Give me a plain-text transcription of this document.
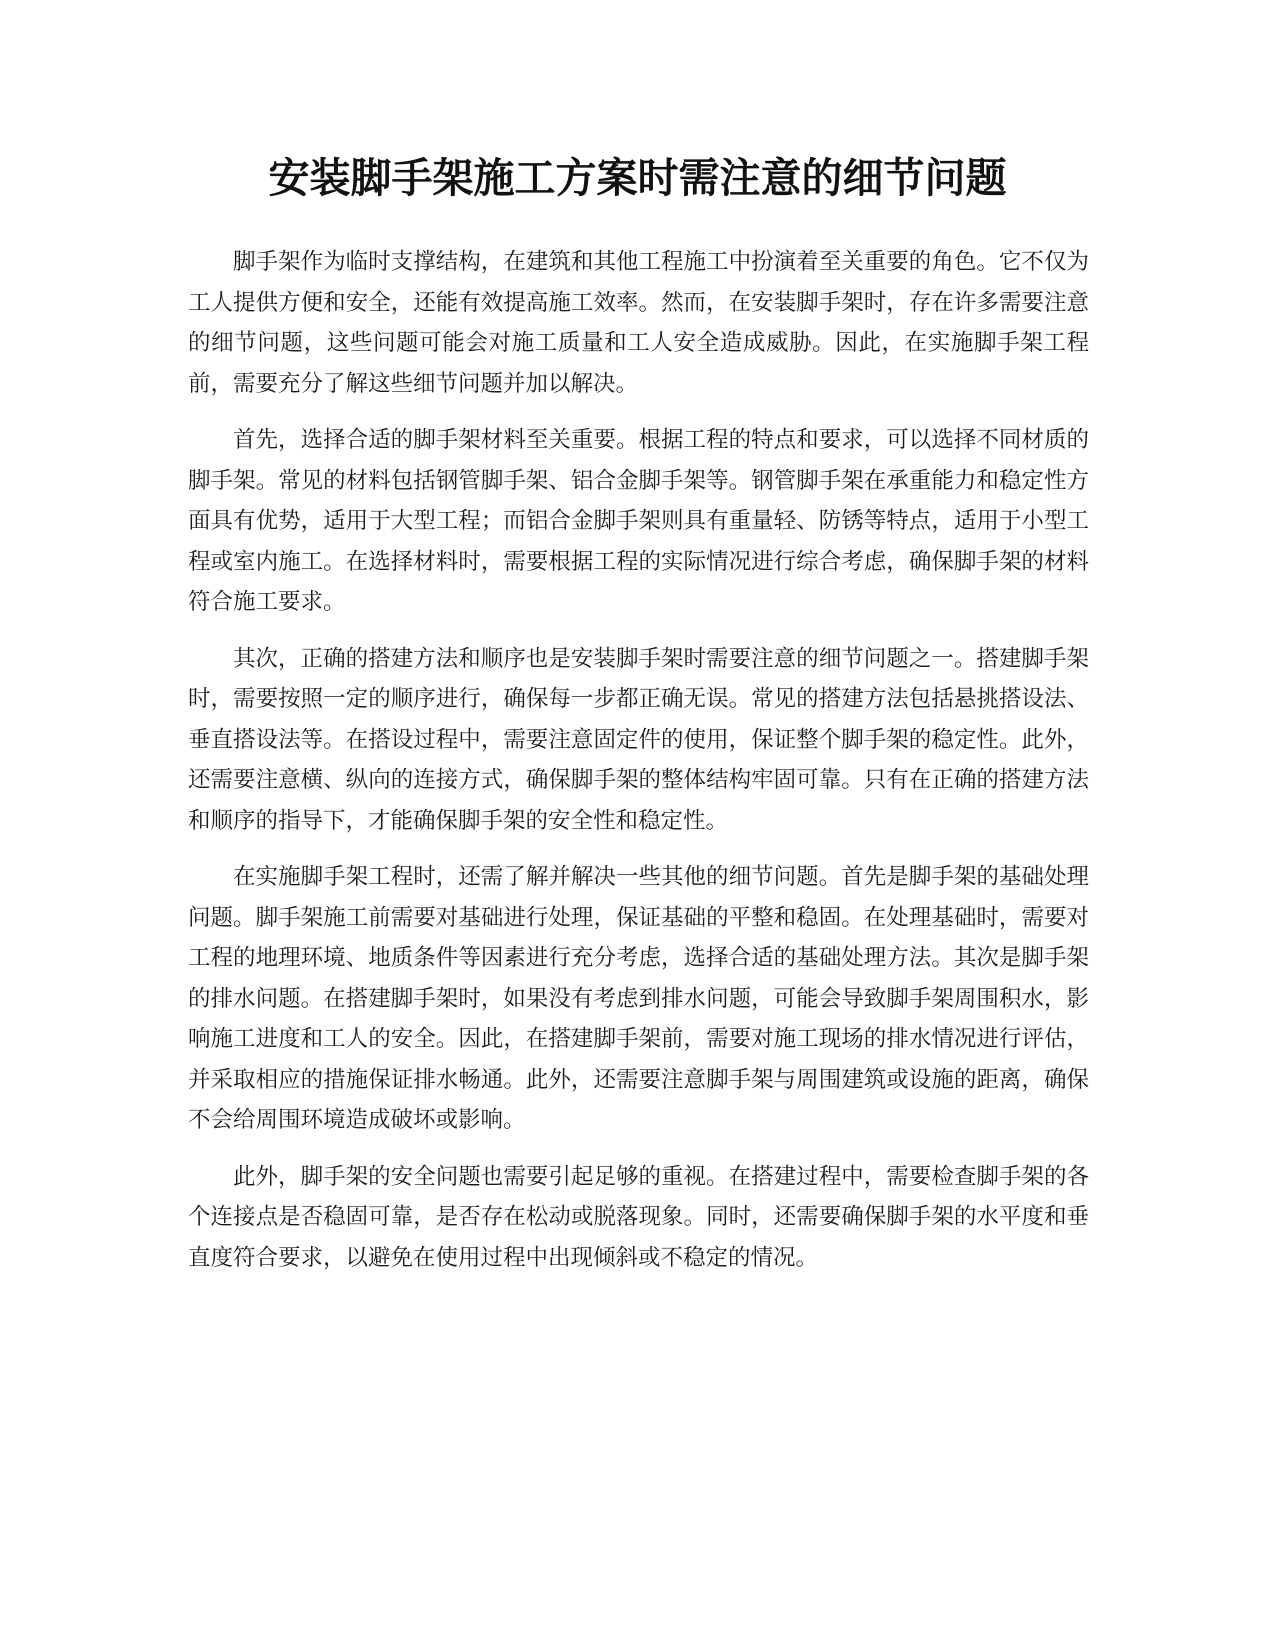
安装脚手架施工方案时需注意的细节问题

脚手架作为临时支撑结构，在建筑和其他工程施工中扮演着至关重要的角色。它不仅为工人提供方便和安全，还能有效提高施工效率。然而，在安装脚手架时，存在许多需要注意的细节问题，这些问题可能会对施工质量和工人安全造成威胁。因此，在实施脚手架工程前，需要充分了解这些细节问题并加以解决。

首先，选择合适的脚手架材料至关重要。根据工程的特点和要求，可以选择不同材质的脚手架。常见的材料包括钢管脚手架、铝合金脚手架等。钢管脚手架在承重能力和稳定性方面具有优势，适用于大型工程；而铝合金脚手架则具有重量轻、防锈等特点，适用于小型工程或室内施工。在选择材料时，需要根据工程的实际情况进行综合考虑，确保脚手架的材料符合施工要求。

其次，正确的搭建方法和顺序也是安装脚手架时需要注意的细节问题之一。搭建脚手架时，需要按照一定的顺序进行，确保每一步都正确无误。常见的搭建方法包括悬挑搭设法、垂直搭设法等。在搭设过程中，需要注意固定件的使用，保证整个脚手架的稳定性。此外，还需要注意横、纵向的连接方式，确保脚手架的整体结构牢固可靠。只有在正确的搭建方法和顺序的指导下，才能确保脚手架的安全性和稳定性。

在实施脚手架工程时，还需了解并解决一些其他的细节问题。首先是脚手架的基础处理问题。脚手架施工前需要对基础进行处理，保证基础的平整和稳固。在处理基础时，需要对工程的地理环境、地质条件等因素进行充分考虑，选择合适的基础处理方法。其次是脚手架的排水问题。在搭建脚手架时，如果没有考虑到排水问题，可能会导致脚手架周围积水，影响施工进度和工人的安全。因此，在搭建脚手架前，需要对施工现场的排水情况进行评估，并采取相应的措施保证排水畅通。此外，还需要注意脚手架与周围建筑或设施的距离，确保不会给周围环境造成破坏或影响。

此外，脚手架的安全问题也需要引起足够的重视。在搭建过程中，需要检查脚手架的各个连接点是否稳固可靠，是否存在松动或脱落现象。同时，还需要确保脚手架的水平度和垂直度符合要求，以避免在使用过程中出现倾斜或不稳定的情况。
